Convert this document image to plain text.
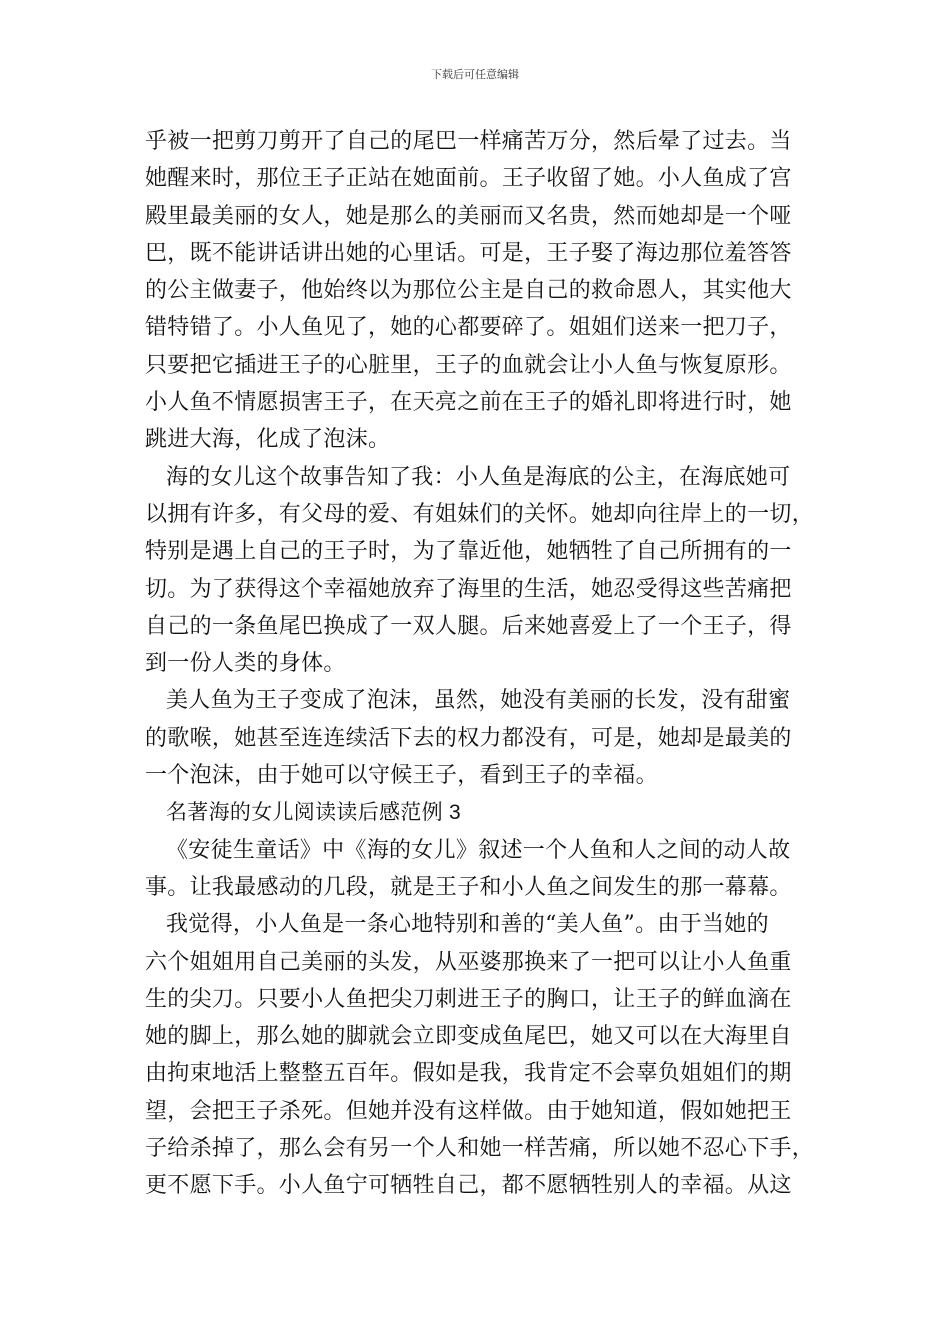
下载后可任意编辑
乎被一把剪刀剪开了自己的尾巴一样痛苦万分，然后晕了过去。当
她醒来时，那位王子正站在她面前。王子收留了她。小人鱼成了宫
殿里最美丽的女人，她是那么的美丽而又名贵，然而她却是一个哑
巴，既不能讲话讲出她的心里话。可是，王子娶了海边那位羞答答
的公主做妻子，他始终以为那位公主是自己的救命恩人，其实他大
错特错了。小人鱼见了，她的心都要碎了。姐姐们送来一把刀子，
只要把它插进王子的心脏里，王子的血就会让小人鱼与恢复原形。
小人鱼不情愿损害王子，在天亮之前在王子的婚礼即将进行时，她
跳进大海，化成了泡沫。
海的女儿这个故事告知了我：小人鱼是海底的公主，在海底她可
以拥有许多，有父母的爱、有姐妹们的关怀。她却向往岸上的一切，
特别是遇上自己的王子时，为了靠近他，她牺牲了自己所拥有的一
切。为了获得这个幸福她放弃了海里的生活，她忍受得这些苦痛把
自己的一条鱼尾巴换成了一双人腿。后来她喜爱上了一个王子，得
到一份人类的身体。
美人鱼为王子变成了泡沫，虽然，她没有美丽的长发，没有甜蜜
的歌喉，她甚至连连续活下去的权力都没有，可是，她却是最美的
一个泡沫，由于她可以守候王子，看到王子的幸福。
名著海的女儿阅读读后感范例 3
《安徒生童话》中《海的女儿》叙述一个人鱼和人之间的动人故
事。让我最感动的几段，就是王子和小人鱼之间发生的那一幕幕。
我觉得，小人鱼是一条心地特别和善的“美人鱼”。由于当她的
六个姐姐用自己美丽的头发，从巫婆那换来了一把可以让小人鱼重
生的尖刀。只要小人鱼把尖刀刺进王子的胸口，让王子的鲜血滴在
她的脚上，那么她的脚就会立即变成鱼尾巴，她又可以在大海里自
由拘束地活上整整五百年。假如是我，我肯定不会辜负姐姐们的期
望，会把王子杀死。但她并没有这样做。由于她知道，假如她把王
子给杀掉了，那么会有另一个人和她一样苦痛，所以她不忍心下手，
更不愿下手。小人鱼宁可牺牲自己，都不愿牺牲别人的幸福。从这
